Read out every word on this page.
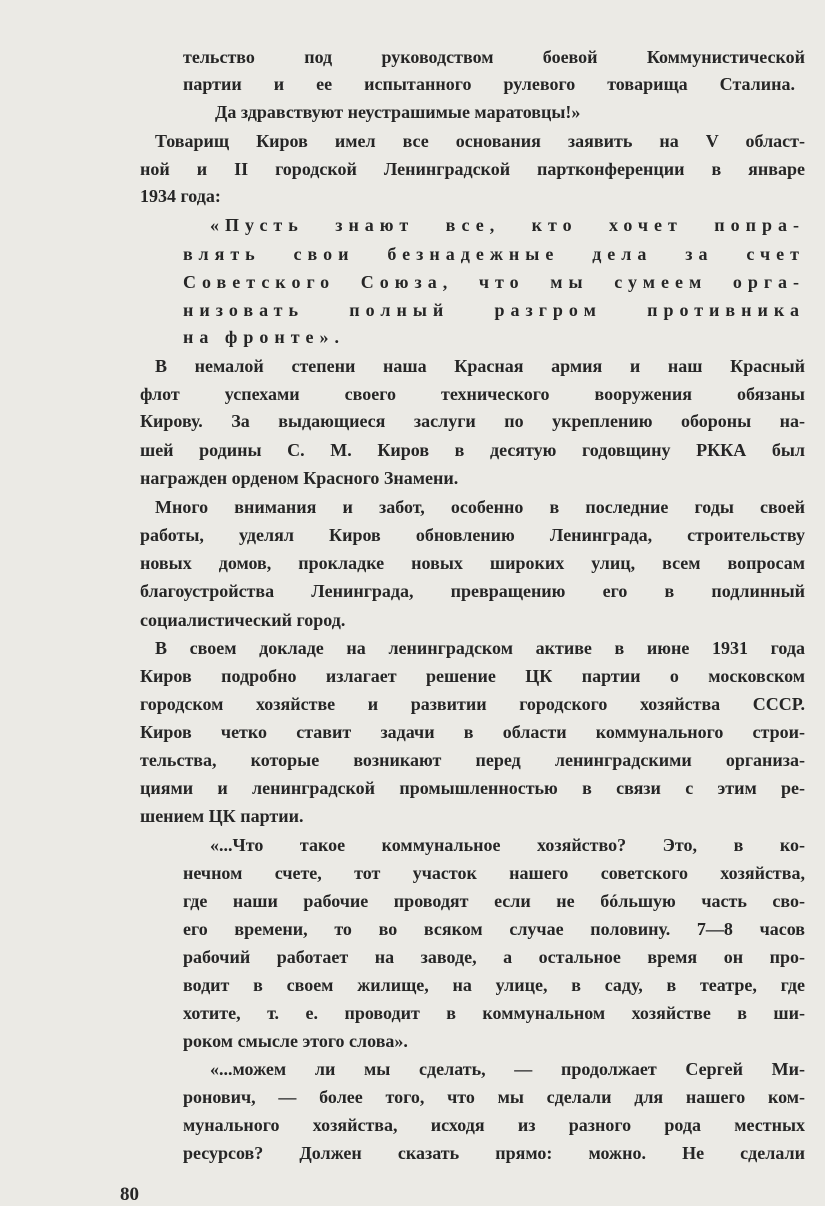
тельство под руководством боевой Коммунистической
партии и ее испытанного рулевого товарища Сталина.
Да здравствуют неустрашимые маратовцы!»
Товарищ Киров имел все основания заявить на V област-
ной и II городской Ленинградской партконференции в январе
1934 года:
«Пусть знают все, кто хочет попра-
влять свои безнадежные дела за счет
Советского Союза, что мы сумеем орга-
низовать полный разгром противника
на фронте».
В немалой степени наша Красная армия и наш Красный
флот успехами своего технического вооружения обязаны
Кирову. За выдающиеся заслуги по укреплению обороны на-
шей родины С. М. Киров в десятую годовщину РККА был
награжден орденом Красного Знамени.
Много внимания и забот, особенно в последние годы своей
работы, уделял Киров обновлению Ленинграда, строительству
новых домов, прокладке новых широких улиц, всем вопросам
благоустройства Ленинграда, превращению его в подлинный
социалистический город.
В своем докладе на ленинградском активе в июне 1931 года
Киров подробно излагает решение ЦК партии о московском
городском хозяйстве и развитии городского хозяйства СССР.
Киров четко ставит задачи в области коммунального строи-
тельства, которые возникают перед ленинградскими организа-
циями и ленинградской промышленностью в связи с этим ре-
шением ЦК партии.
«...Что такое коммунальное хозяйство? Это, в ко-
нечном счете, тот участок нашего советского хозяйства,
где наши рабочие проводят если не бóльшую часть сво-
его времени, то во всяком случае половину. 7—8 часов
рабочий работает на заводе, а остальное время он про-
водит в своем жилище, на улице, в саду, в театре, где
хотите, т. е. проводит в коммунальном хозяйстве в ши-
роком смысле этого слова».
«...можем ли мы сделать, — продолжает Сергей Ми-
ронович, — более того, что мы сделали для нашего ком-
мунального хозяйства, исходя из разного рода местных
ресурсов? Должен сказать прямо: можно. Не сделали
80
